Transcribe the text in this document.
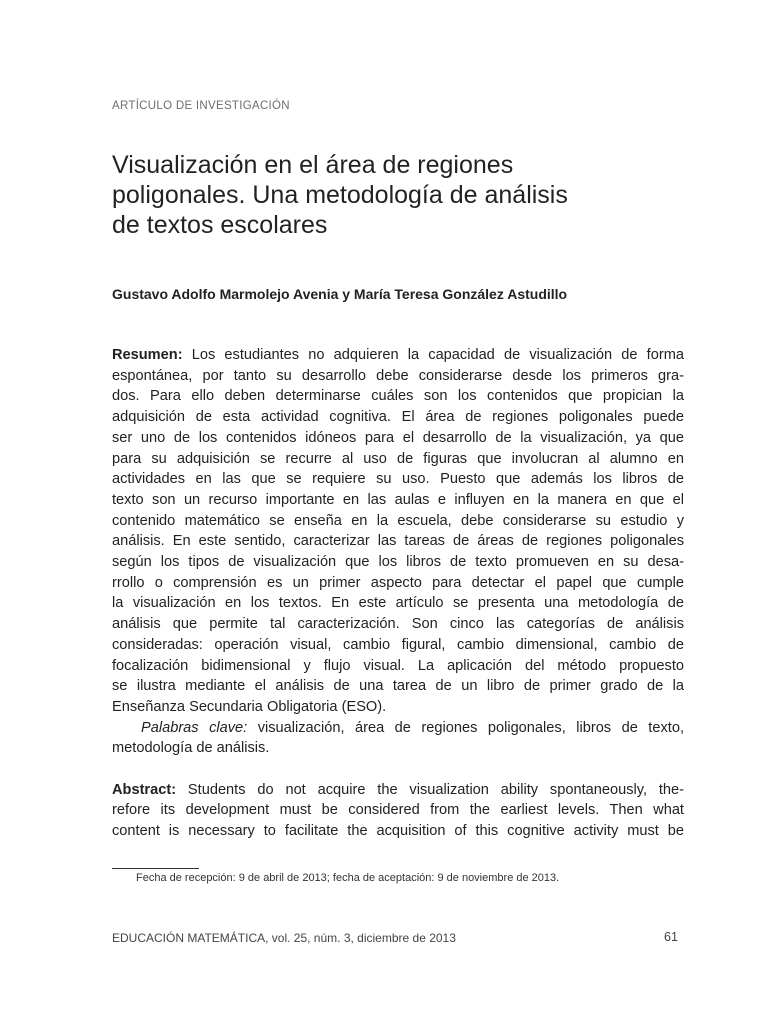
ARTÍCULO DE INVESTIGACIÓN
Visualización en el área de regiones
poligonales. Una metodología de análisis
de textos escolares
Gustavo Adolfo Marmolejo Avenia y María Teresa González Astudillo
Resumen: Los estudiantes no adquieren la capacidad de visualización de forma
espontánea, por tanto su desarrollo debe considerarse desde los primeros gra-
dos. Para ello deben determinarse cuáles son los contenidos que propician la
adquisición de esta actividad cognitiva. El área de regiones poligonales puede
ser uno de los contenidos idóneos para el desarrollo de la visualización, ya que
para su adquisición se recurre al uso de figuras que involucran al alumno en
actividades en las que se requiere su uso. Puesto que además los libros de
texto son un recurso importante en las aulas e influyen en la manera en que el
contenido matemático se enseña en la escuela, debe considerarse su estudio y
análisis. En este sentido, caracterizar las tareas de áreas de regiones poligonales
según los tipos de visualización que los libros de texto promueven en su desa-
rrollo o comprensión es un primer aspecto para detectar el papel que cumple
la visualización en los textos. En este artículo se presenta una metodología de
análisis que permite tal caracterización. Son cinco las categorías de análisis
consideradas: operación visual, cambio figural, cambio dimensional, cambio de
focalización bidimensional y flujo visual. La aplicación del método propuesto
se ilustra mediante el análisis de una tarea de un libro de primer grado de la
Enseñanza Secundaria Obligatoria (ESO).
Palabras clave: visualización, área de regiones poligonales, libros de texto,
metodología de análisis.
Abstract: Students do not acquire the visualization ability spontaneously, the-
refore its development must be considered from the earliest levels. Then what
content is necessary to facilitate the acquisition of this cognitive activity must be
Fecha de recepción: 9 de abril de 2013; fecha de aceptación: 9 de noviembre de 2013.
EDUCACIÓN MATEMÁTICA, vol. 25, núm. 3, diciembre de 2013	61
